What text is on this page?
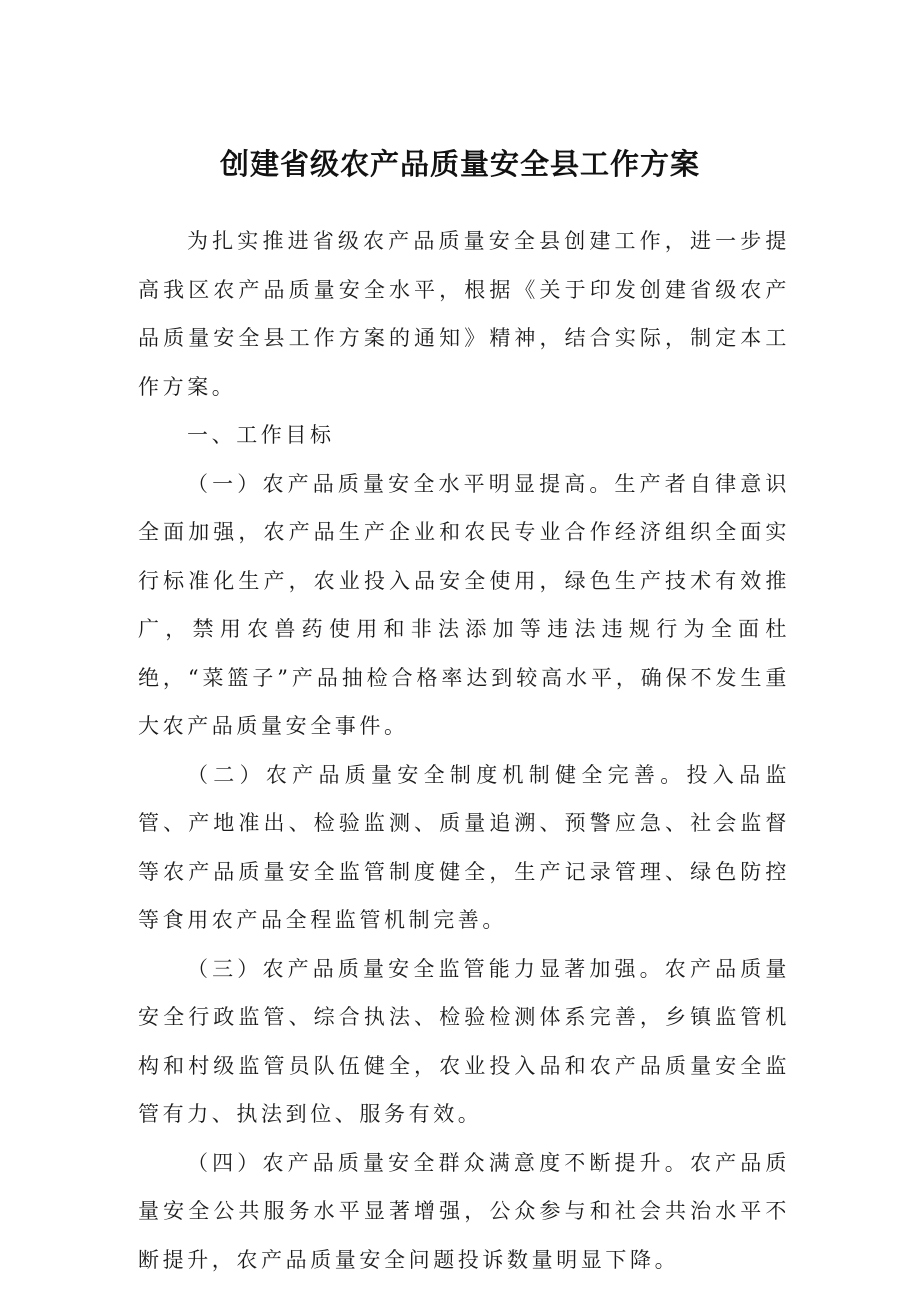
创建省级农产品质量安全县工作方案

为扎实推进省级农产品质量安全县创建工作，进一步提高我区农产品质量安全水平，根据《关于印发创建省级农产品质量安全县工作方案的通知》精神，结合实际，制定本工作方案。

一、工作目标

（一）农产品质量安全水平明显提高。生产者自律意识全面加强，农产品生产企业和农民专业合作经济组织全面实行标准化生产，农业投入品安全使用，绿色生产技术有效推广，禁用农兽药使用和非法添加等违法违规行为全面杜绝，“菜篮子”产品抽检合格率达到较高水平，确保不发生重大农产品质量安全事件。

（二）农产品质量安全制度机制健全完善。投入品监管、产地准出、检验监测、质量追溯、预警应急、社会监督等农产品质量安全监管制度健全，生产记录管理、绿色防控等食用农产品全程监管机制完善。

（三）农产品质量安全监管能力显著加强。农产品质量安全行政监管、综合执法、检验检测体系完善，乡镇监管机构和村级监管员队伍健全，农业投入品和农产品质量安全监管有力、执法到位、服务有效。

（四）农产品质量安全群众满意度不断提升。农产品质量安全公共服务水平显著增强，公众参与和社会共治水平不断提升，农产品质量安全问题投诉数量明显下降。
